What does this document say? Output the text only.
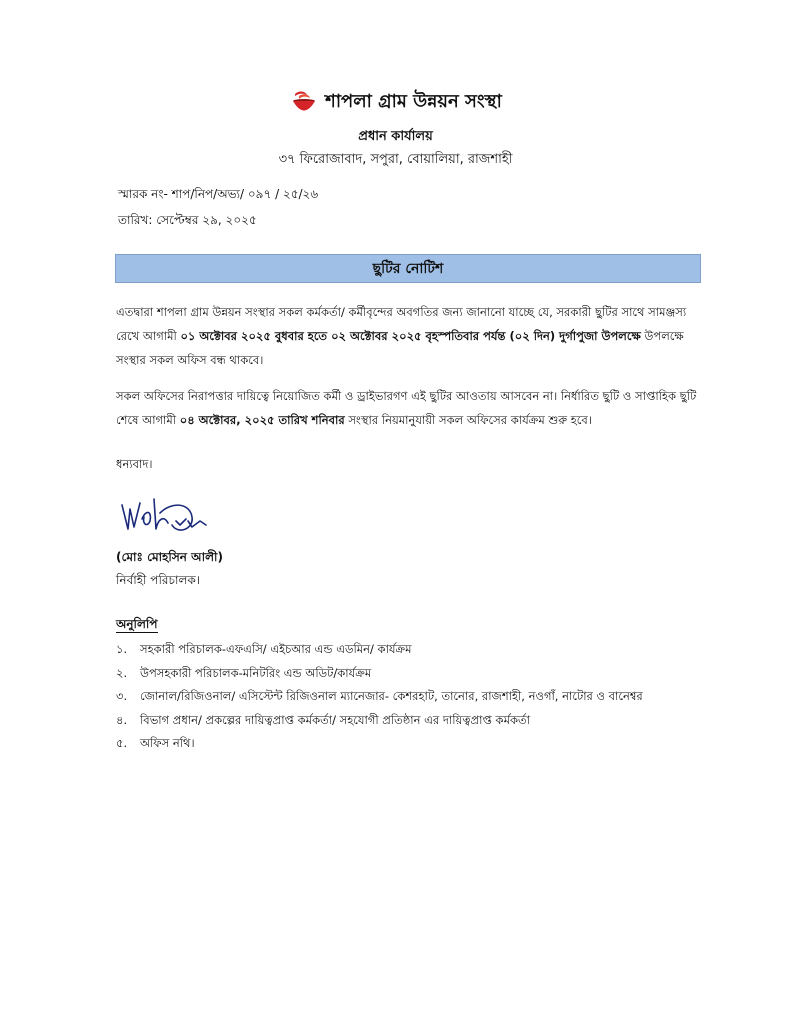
শাপলা গ্রাম উন্নয়ন সংস্থা
প্রধান কার্যালয়
৩৭ ফিরোজাবাদ, সপুরা, বোয়ালিয়া, রাজশাহী
স্মারক নং- শাপ/নিপ/অভ্য/ ০৯৭ / ২৫/২৬
তারিখ: সেপ্টেম্বর ২৯, ২০২৫
ছুটির নোটিশ
এতদ্বারা শাপলা গ্রাম উন্নয়ন সংস্থার সকল কর্মকর্তা/ কর্মীবৃন্দের অবগতির জন্য জানানো যাচ্ছে যে, সরকারী ছুটির সাথে সামঞ্জস্য রেখে আগামী ০১ অক্টোবর ২০২৫ বুধবার হতে ০২ অক্টোবর ২০২৫ বৃহস্পতিবার পর্যন্ত (০২ দিন) দুর্গাপুজা উপলক্ষে উপলক্ষে সংস্থার সকল অফিস বন্ধ থাকবে।
সকল অফিসের নিরাপত্তার দায়িত্বে নিয়োজিত কর্মী ও ড্রাইভারগণ এই ছুটির আওতায় আসবেন না। নির্ধারিত ছুটি ও সাপ্তাহিক ছুটি শেষে আগামী ০৪ অক্টোবর, ২০২৫ তারিখ শনিবার সংস্থার নিয়মানুযায়ী সকল অফিসের কার্যক্রম শুরু হবে।
ধন্যবাদ।
(মোঃ মোহসিন আলী)
নির্বাহী পরিচালক।
অনুলিপি
১.	সহকারী পরিচালক-এফএসি/ এইচআর এন্ড এডমিন/ কার্যক্রম
২.	উপসহকারী পরিচালক-মনিটরিং এন্ড অডিট/কার্যক্রম
৩.	জোনাল/রিজিওনাল/ এসিস্টেন্ট রিজিওনাল ম্যানেজার- কেশরহাট, তানোর, রাজশাহী, নওগাঁ, নাটোর ও বানেশ্বর
৪.	বিভাগ প্রধান/ প্রকল্পের দায়িত্বপ্রাপ্ত কর্মকর্তা/ সহযোগী প্রতিষ্ঠান এর দায়িত্বপ্রাপ্ত কর্মকর্তা
৫.	অফিস নথি।
